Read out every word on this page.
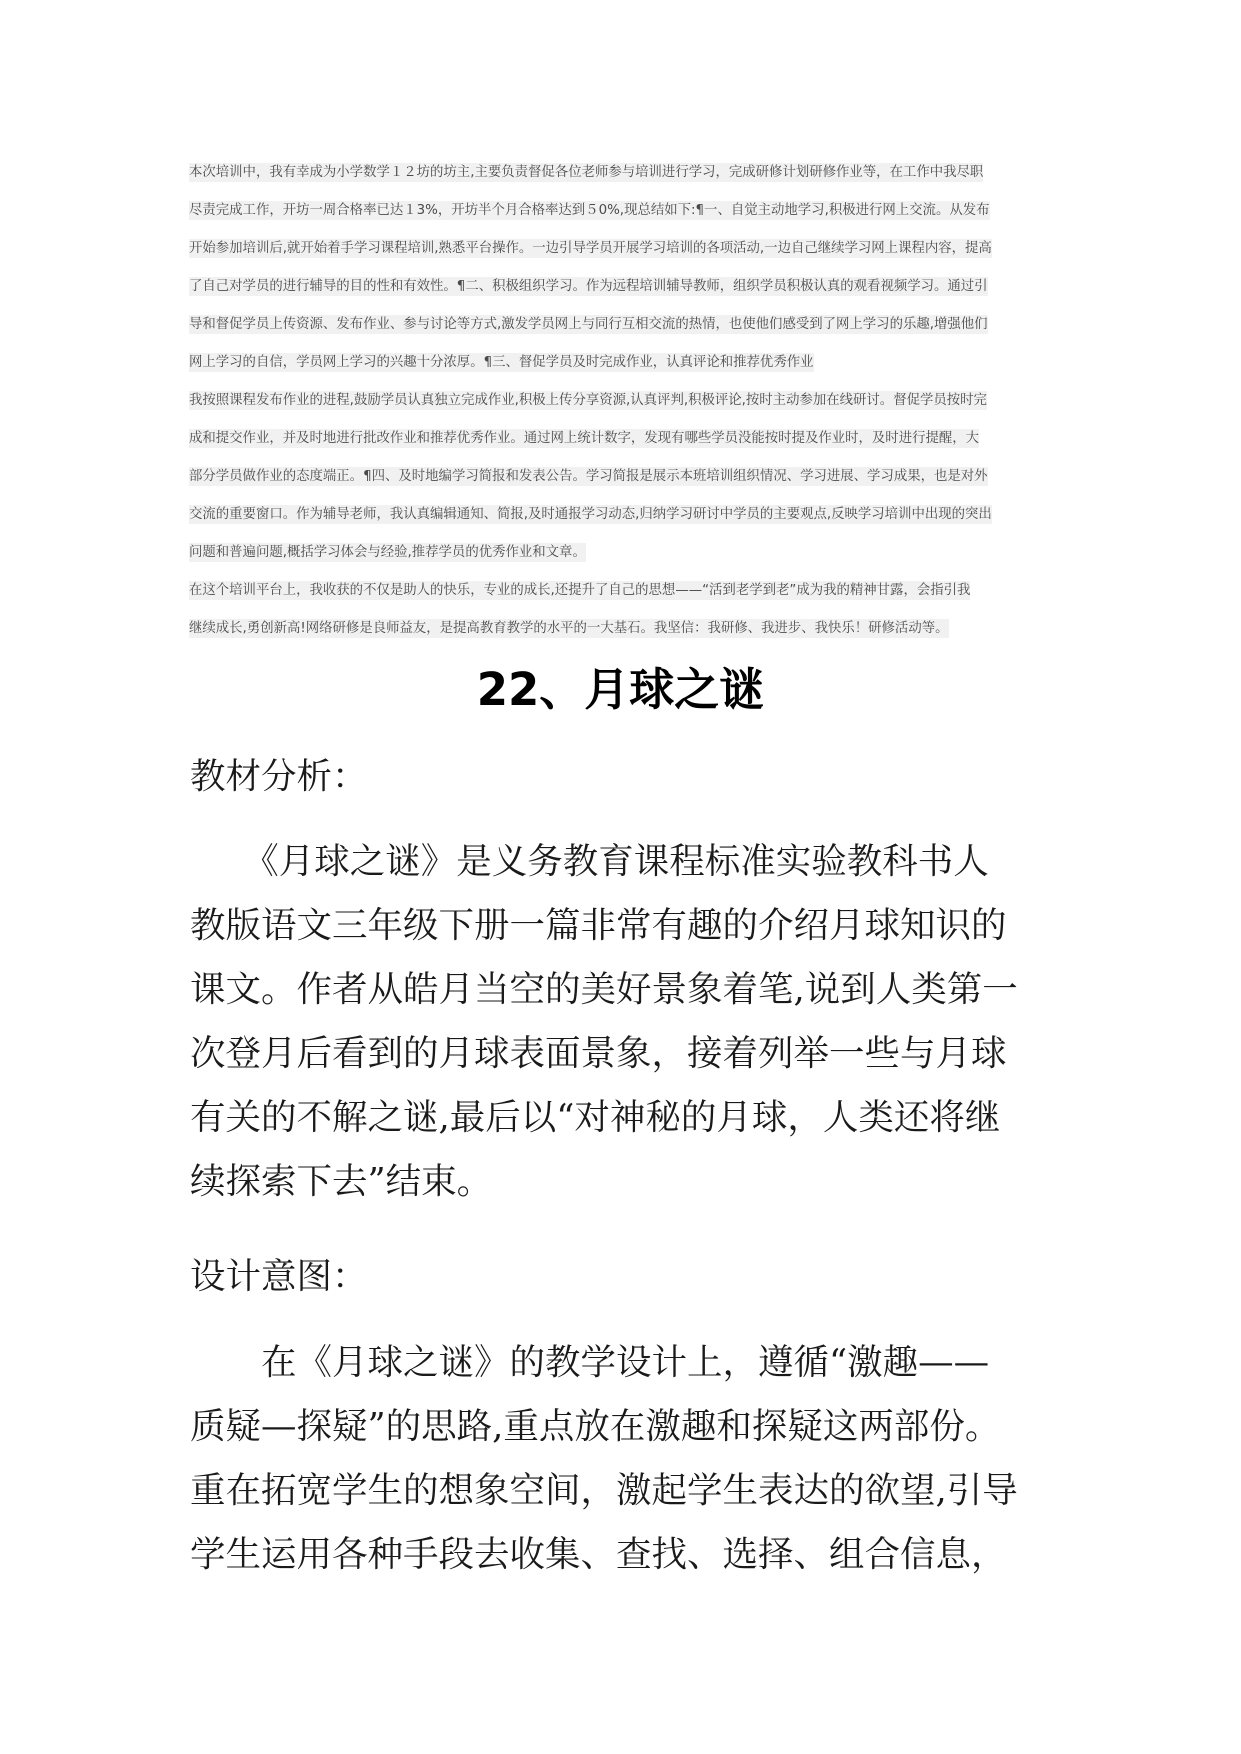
本次培训中，我有幸成为小学数学１２坊的坊主,主要负责督促各位老师参与培训进行学习，完成研修计划研修作业等，在工作中我尽职

尽责完成工作，开坊一周合格率已达１3%，开坊半个月合格率达到５0%,现总结如下:¶一、自觉主动地学习,积极进行网上交流。从发布

开始参加培训后,就开始着手学习课程培训,熟悉平台操作。一边引导学员开展学习培训的各项活动,一边自己继续学习网上课程内容，提高

了自己对学员的进行辅导的目的性和有效性。¶二、积极组织学习。作为远程培训辅导教师，组织学员积极认真的观看视频学习。通过引

导和督促学员上传资源、发布作业、参与讨论等方式,激发学员网上与同行互相交流的热情，也使他们感受到了网上学习的乐趣,增强他们

网上学习的自信，学员网上学习的兴趣十分浓厚。¶三、督促学员及时完成作业，认真评论和推荐优秀作业

我按照课程发布作业的进程,鼓励学员认真独立完成作业,积极上传分享资源,认真评判,积极评论,按时主动参加在线研讨。督促学员按时完

成和提交作业，并及时地进行批改作业和推荐优秀作业。通过网上统计数字，发现有哪些学员没能按时提及作业时，及时进行提醒，大

部分学员做作业的态度端正。¶四、及时地编学习简报和发表公告。学习简报是展示本班培训组织情况、学习进展、学习成果，也是对外

交流的重要窗口。作为辅导老师，我认真编辑通知、简报,及时通报学习动态,归纳学习研讨中学员的主要观点,反映学习培训中出现的突出

问题和普遍问题,概括学习体会与经验,推荐学员的优秀作业和文章。

在这个培训平台上，我收获的不仅是助人的快乐，专业的成长,还提升了自己的思想——“活到老学到老”成为我的精神甘露，会指引我

继续成长,勇创新高!网络研修是良师益友，是提高教育教学的水平的一大基石。我坚信：我研修、我进步、我快乐！研修活动等。

22、月球之谜
教材分析：
　　《月球之谜》是义务教育课程标准实验教科书人
教版语文三年级下册一篇非常有趣的介绍月球知识的
课文。作者从皓月当空的美好景象着笔,说到人类第一
次登月后看到的月球表面景象，接着列举一些与月球
有关的不解之谜,最后以“对神秘的月球，人类还将继
续探索下去”结束。
设计意图：
　　在《月球之谜》的教学设计上，遵循“激趣——
质疑—探疑”的思路,重点放在激趣和探疑这两部份。
重在拓宽学生的想象空间，激起学生表达的欲望,引导
学生运用各种手段去收集、查找、选择、组合信息，
